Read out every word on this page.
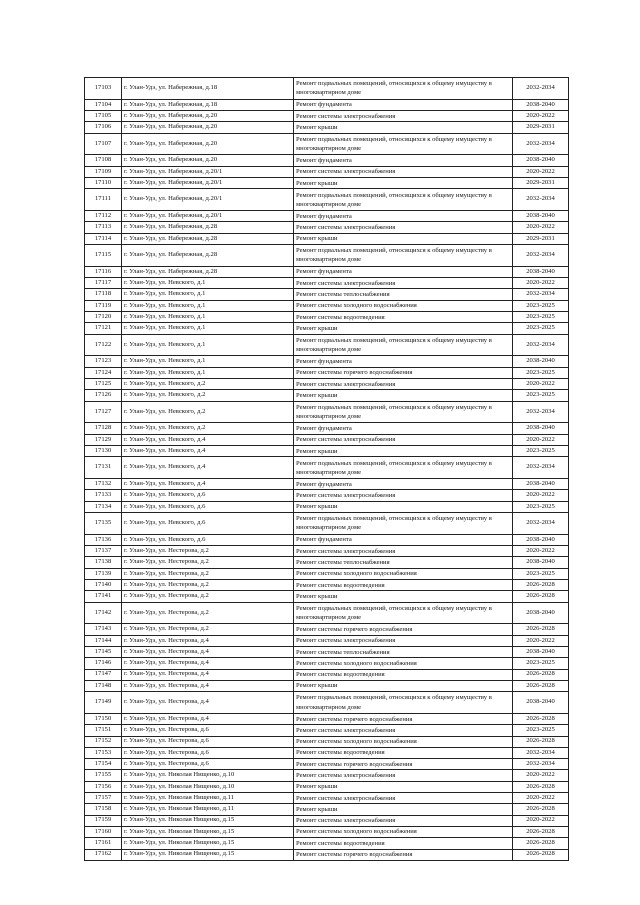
17103	г. Улан-Удэ, ул. Набережная, д.18	Ремонт подвальных помещений, относящихся к общему имуществу в многоквартирном доме	2032-2034
17104	г. Улан-Удэ, ул. Набережная, д.18	Ремонт фундамента	2038-2040
17105	г. Улан-Удэ, ул. Набережная, д.20	Ремонт системы электроснабжения	2020-2022
17106	г. Улан-Удэ, ул. Набережная, д.20	Ремонт крыши	2029-2031
17107	г. Улан-Удэ, ул. Набережная, д.20	Ремонт подвальных помещений, относящихся к общему имуществу в многоквартирном доме	2032-2034
17108	г. Улан-Удэ, ул. Набережная, д.20	Ремонт фундамента	2038-2040
17109	г. Улан-Удэ, ул. Набережная, д.20/1	Ремонт системы электроснабжения	2020-2022
17110	г. Улан-Удэ, ул. Набережная, д.20/1	Ремонт крыши	2029-2031
17111	г. Улан-Удэ, ул. Набережная, д.20/1	Ремонт подвальных помещений, относящихся к общему имуществу в многоквартирном доме	2032-2034
17112	г. Улан-Удэ, ул. Набережная, д.20/1	Ремонт фундамента	2038-2040
17113	г. Улан-Удэ, ул. Набережная, д.28	Ремонт системы электроснабжения	2020-2022
17114	г. Улан-Удэ, ул. Набережная, д.28	Ремонт крыши	2029-2031
17115	г. Улан-Удэ, ул. Набережная, д.28	Ремонт подвальных помещений, относящихся к общему имуществу в многоквартирном доме	2032-2034
17116	г. Улан-Удэ, ул. Набережная, д.28	Ремонт фундамента	2038-2040
17117	г. Улан-Удэ, ул. Невского, д.1	Ремонт системы электроснабжения	2020-2022
17118	г. Улан-Удэ, ул. Невского, д.1	Ремонт системы теплоснабжения	2032-2034
17119	г. Улан-Удэ, ул. Невского, д.1	Ремонт системы холодного водоснабжения	2023-2025
17120	г. Улан-Удэ, ул. Невского, д.1	Ремонт системы водоотведения	2023-2025
17121	г. Улан-Удэ, ул. Невского, д.1	Ремонт крыши	2023-2025
17122	г. Улан-Удэ, ул. Невского, д.1	Ремонт подвальных помещений, относящихся к общему имуществу в многоквартирном доме	2032-2034
17123	г. Улан-Удэ, ул. Невского, д.1	Ремонт фундамента	2038-2040
17124	г. Улан-Удэ, ул. Невского, д.1	Ремонт системы горячего водоснабжения	2023-2025
17125	г. Улан-Удэ, ул. Невского, д.2	Ремонт системы электроснабжения	2020-2022
17126	г. Улан-Удэ, ул. Невского, д.2	Ремонт крыши	2023-2025
17127	г. Улан-Удэ, ул. Невского, д.2	Ремонт подвальных помещений, относящихся к общему имуществу в многоквартирном доме	2032-2034
17128	г. Улан-Удэ, ул. Невского, д.2	Ремонт фундамента	2038-2040
17129	г. Улан-Удэ, ул. Невского, д.4	Ремонт системы электроснабжения	2020-2022
17130	г. Улан-Удэ, ул. Невского, д.4	Ремонт крыши	2023-2025
17131	г. Улан-Удэ, ул. Невского, д.4	Ремонт подвальных помещений, относящихся к общему имуществу в многоквартирном доме	2032-2034
17132	г. Улан-Удэ, ул. Невского, д.4	Ремонт фундамента	2038-2040
17133	г. Улан-Удэ, ул. Невского, д.6	Ремонт системы электроснабжения	2020-2022
17134	г. Улан-Удэ, ул. Невского, д.6	Ремонт крыши	2023-2025
17135	г. Улан-Удэ, ул. Невского, д.6	Ремонт подвальных помещений, относящихся к общему имуществу в многоквартирном доме	2032-2034
17136	г. Улан-Удэ, ул. Невского, д.6	Ремонт фундамента	2038-2040
17137	г. Улан-Удэ, ул. Нестерова, д.2	Ремонт системы электроснабжения	2020-2022
17138	г. Улан-Удэ, ул. Нестерова, д.2	Ремонт системы теплоснабжения	2038-2040
17139	г. Улан-Удэ, ул. Нестерова, д.2	Ремонт системы холодного водоснабжения	2023-2025
17140	г. Улан-Удэ, ул. Нестерова, д.2	Ремонт системы водоотведения	2026-2028
17141	г. Улан-Удэ, ул. Нестерова, д.2	Ремонт крыши	2026-2028
17142	г. Улан-Удэ, ул. Нестерова, д.2	Ремонт подвальных помещений, относящихся к общему имуществу в многоквартирном доме	2038-2040
17143	г. Улан-Удэ, ул. Нестерова, д.2	Ремонт системы горячего водоснабжения	2026-2028
17144	г. Улан-Удэ, ул. Нестерова, д.4	Ремонт системы электроснабжения	2020-2022
17145	г. Улан-Удэ, ул. Нестерова, д.4	Ремонт системы теплоснабжения	2038-2040
17146	г. Улан-Удэ, ул. Нестерова, д.4	Ремонт системы холодного водоснабжения	2023-2025
17147	г. Улан-Удэ, ул. Нестерова, д.4	Ремонт системы водоотведения	2026-2028
17148	г. Улан-Удэ, ул. Нестерова, д.4	Ремонт крыши	2026-2028
17149	г. Улан-Удэ, ул. Нестерова, д.4	Ремонт подвальных помещений, относящихся к общему имуществу в многоквартирном доме	2038-2040
17150	г. Улан-Удэ, ул. Нестерова, д.4	Ремонт системы горячего водоснабжения	2026-2028
17151	г. Улан-Удэ, ул. Нестерова, д.6	Ремонт системы электроснабжения	2023-2025
17152	г. Улан-Удэ, ул. Нестерова, д.6	Ремонт системы холодного водоснабжения	2026-2028
17153	г. Улан-Удэ, ул. Нестерова, д.6	Ремонт системы водоотведения	2032-2034
17154	г. Улан-Удэ, ул. Нестерова, д.6	Ремонт системы горячего водоснабжения	2032-2034
17155	г. Улан-Удэ, ул. Николая Нищенко, д.10	Ремонт системы электроснабжения	2020-2022
17156	г. Улан-Удэ, ул. Николая Нищенко, д.10	Ремонт крыши	2026-2028
17157	г. Улан-Удэ, ул. Николая Нищенко, д.11	Ремонт системы электроснабжения	2020-2022
17158	г. Улан-Удэ, ул. Николая Нищенко, д.11	Ремонт крыши	2026-2028
17159	г. Улан-Удэ, ул. Николая Нищенко, д.15	Ремонт системы электроснабжения	2020-2022
17160	г. Улан-Удэ, ул. Николая Нищенко, д.15	Ремонт системы холодного водоснабжения	2026-2028
17161	г. Улан-Удэ, ул. Николая Нищенко, д.15	Ремонт системы водоотведения	2026-2028
17162	г. Улан-Удэ, ул. Николая Нищенко, д.15	Ремонт системы горячего водоснабжения	2026-2028
